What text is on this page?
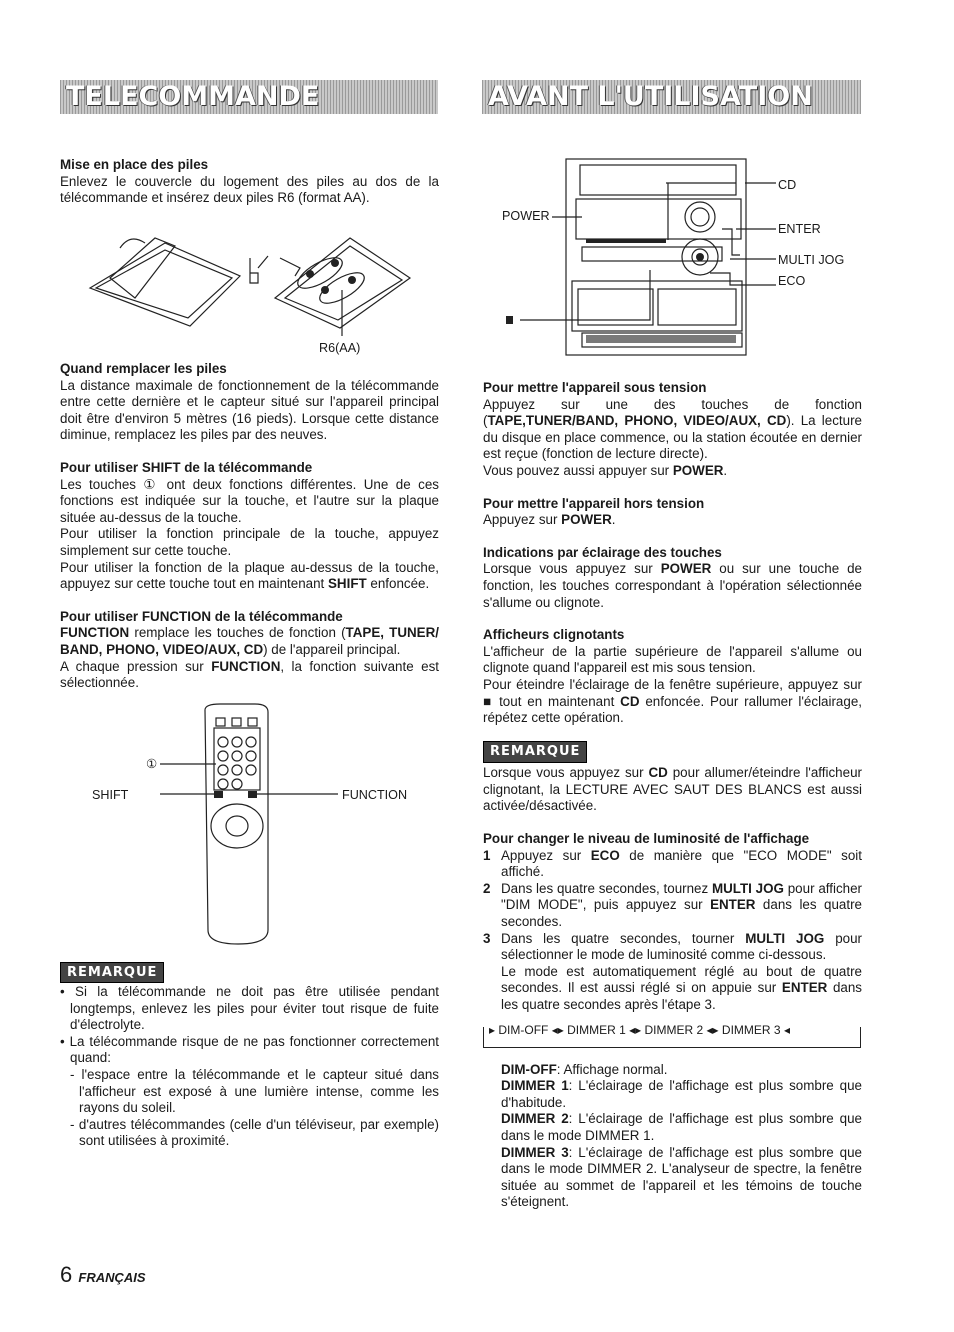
TELECOMMANDE	AVANT L'UTILISATION

Mise en place des piles

Enlevez le couvercle du logement des piles au dos de la télécommande et insérez deux piles R6 (format AA).

R6(AA)

Quand remplacer les piles

La distance maximale de fonctionnement de la télécommande entre cette dernière et le capteur situé sur l'appareil principal doit être d'environ 5 mètres (16 pieds). Lorsque cette distance diminue, remplacez les piles par des neuves.

Pour utiliser SHIFT de la télécommande

Les touches ① ont deux fonctions différentes. Une de ces fonctions est indiquée sur la touche, et l'autre sur la plaque située au-dessus de la touche.

Pour utiliser la fonction principale de la touche, appuyez simplement sur cette touche.

Pour utiliser la fonction de la plaque au-dessus de la touche, appuyez sur cette touche tout en maintenant SHIFT enfoncée.

Pour utiliser FUNCTION de la télécommande

FUNCTION remplace les touches de fonction (TAPE, TUNER/ BAND, PHONO, VIDEO/AUX, CD) de l'appareil principal.

A chaque pression sur FUNCTION, la fonction suivante est sélectionnée.

①
SHIFT	FUNCTION
REMARQUE

• Si la télécommande ne doit pas être utilisée pendant longtemps, enlevez les piles pour éviter tout risque de fuite d'électrolyte.

• La télécommande risque de ne pas fonctionner correctement quand:

- l'espace entre la télécommande et le capteur situé dans l'afficheur est exposé à une lumière intense, comme les rayons du soleil.

- d'autres télécommandes (celle d'un téléviseur, par exemple) sont utilisées à proximité.

CD
POWER
ENTER
MULTI JOG
ECO

Pour mettre l'appareil sous tension

Appuyez sur une des touches de fonction (TAPE,TUNER/BAND, PHONO, VIDEO/AUX, CD). La lecture du disque en place commence, ou la station écoutée en dernier est reçue (fonction de lecture directe).

Vous pouvez aussi appuyer sur POWER.

Pour mettre l'appareil hors tension

Appuyez sur POWER.

Indications par éclairage des touches

Lorsque vous appuyez sur POWER ou sur une touche de fonction, les touches correspondant à l'opération sélectionnée s'allume ou clignote.

Afficheurs clignotants

L'afficheur de la partie supérieure de l'appareil s'allume ou clignote quand l'appareil est mis sous tension.

Pour éteindre l'éclairage de la fenêtre supérieure, appuyez sur ■ tout en maintenant CD enfoncée. Pour rallumer l'éclairage, répétez cette opération.

REMARQUE

Lorsque vous appuyez sur CD pour allumer/éteindre l'afficheur clignotant, la LECTURE AVEC SAUT DES BLANCS est aussi activée/désactivée.

Pour changer le niveau de luminosité de l'affichage

1 Appuyez sur ECO de manière que "ECO MODE" soit affiché.
2 Dans les quatre secondes, tournez MULTI JOG pour afficher "DIM MODE", puis appuyez sur ENTER dans les quatre secondes.
3 Dans les quatre secondes, tourner MULTI JOG pour sélectionner le mode de luminosité comme ci-dessous.
Le mode est automatiquement réglé au bout de quatre secondes. Il est aussi réglé si on appuie sur ENTER dans les quatre secondes après l'étape 3.
▸ DIM-OFF ◂▸ DIMMER 1 ◂▸ DIMMER 2 ◂▸ DIMMER 3 ◂

DIM-OFF: Affichage normal.

DIMMER 1: L'éclairage de l'affichage est plus sombre que d'habitude.

DIMMER 2: L'éclairage de l'affichage est plus sombre que dans le mode DIMMER 1.

DIMMER 3: L'éclairage de l'affichage est plus sombre que dans le mode DIMMER 2. L'analyseur de spectre, la fenêtre située au sommet de l'appareil et les témoins de touche s'éteignent.

6 FRANÇAIS
